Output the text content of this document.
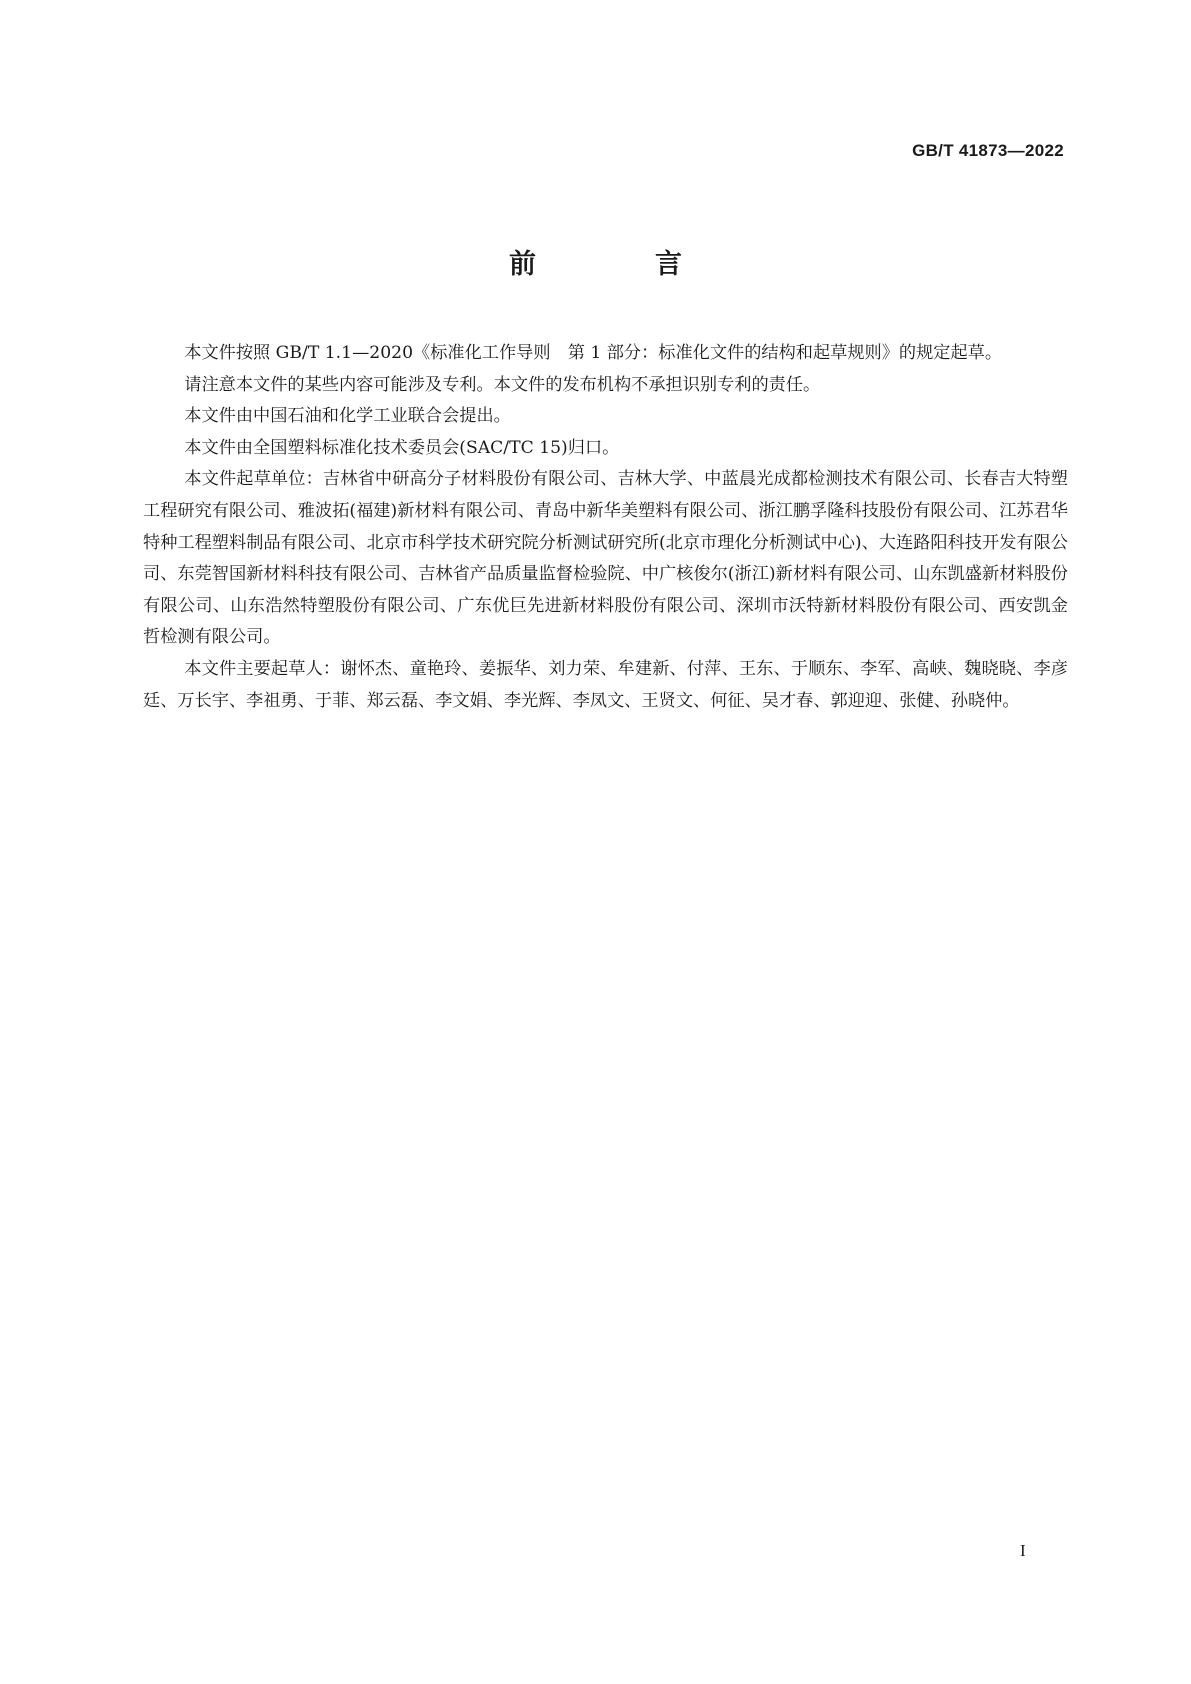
GB/T 41873—2022
前　言

本文件按照 GB/T 1.1—2020《标准化工作导则　第 1 部分：标准化文件的结构和起草规则》的规定起草。

请注意本文件的某些内容可能涉及专利。本文件的发布机构不承担识别专利的责任。

本文件由中国石油和化学工业联合会提出。

本文件由全国塑料标准化技术委员会(SAC/TC 15)归口。

本文件起草单位：吉林省中研高分子材料股份有限公司、吉林大学、中蓝晨光成都检测技术有限公司、长春吉大特塑工程研究有限公司、雅波拓(福建)新材料有限公司、青岛中新华美塑料有限公司、浙江鹏孚隆科技股份有限公司、江苏君华特种工程塑料制品有限公司、北京市科学技术研究院分析测试研究所(北京市理化分析测试中心)、大连路阳科技开发有限公司、东莞智国新材料科技有限公司、吉林省产品质量监督检验院、中广核俊尔(浙江)新材料有限公司、山东凯盛新材料股份有限公司、山东浩然特塑股份有限公司、广东优巨先进新材料股份有限公司、深圳市沃特新材料股份有限公司、西安凯金哲检测有限公司。

本文件主要起草人：谢怀杰、童艳玲、姜振华、刘力荣、牟建新、付萍、王东、于顺东、李军、高峡、魏晓晓、李彦廷、万长宇、李祖勇、于菲、郑云磊、李文娟、李光辉、李凤文、王贤文、何征、吴才春、郭迎迎、张健、孙晓仲。

I
